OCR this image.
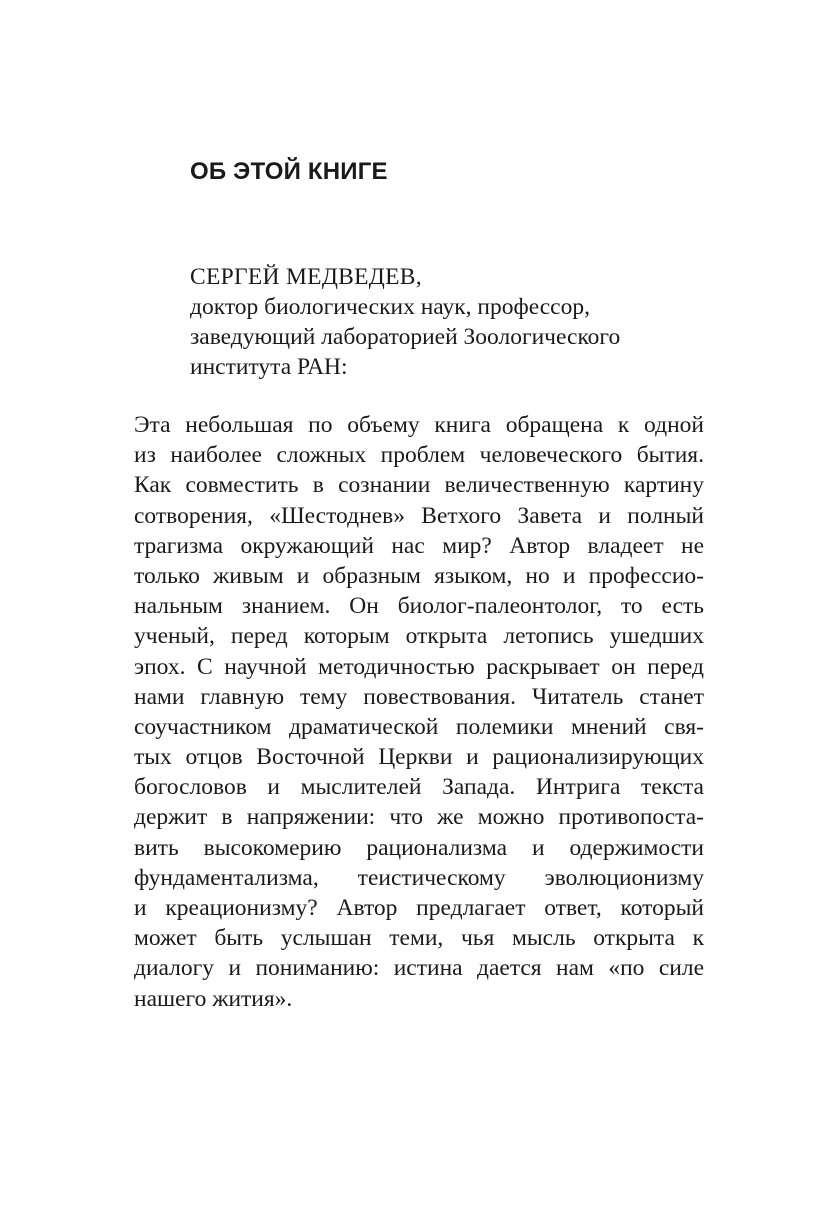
ОБ ЭТОЙ КНИГЕ
СЕРГЕЙ МЕДВЕДЕВ,
доктор биологических наук, профессор,
заведующий лабораторией Зоологического
института РАН:
Эта небольшая по объему книга обращена к одной
из наиболее сложных проблем человеческого бытия.
Как совместить в сознании величественную картину
сотворения, «Шестоднев» Ветхого Завета и полный
трагизма окружающий нас мир? Автор владеет не
только живым и образным языком, но и профессио-
нальным знанием. Он биолог-палеонтолог, то есть
ученый, перед которым открыта летопись ушедших
эпох. С научной методичностью раскрывает он перед
нами главную тему повествования. Читатель станет
соучастником драматической полемики мнений свя-
тых отцов Восточной Церкви и рационализирующих
богословов и мыслителей Запада. Интрига текста
держит в напряжении: что же можно противопоста-
вить высокомерию рационализма и одержимости
фундаментализма, теистическому эволюционизму
и креационизму? Автор предлагает ответ, который
может быть услышан теми, чья мысль открыта к
диалогу и пониманию: истина дается нам «по силе
нашего жития».
